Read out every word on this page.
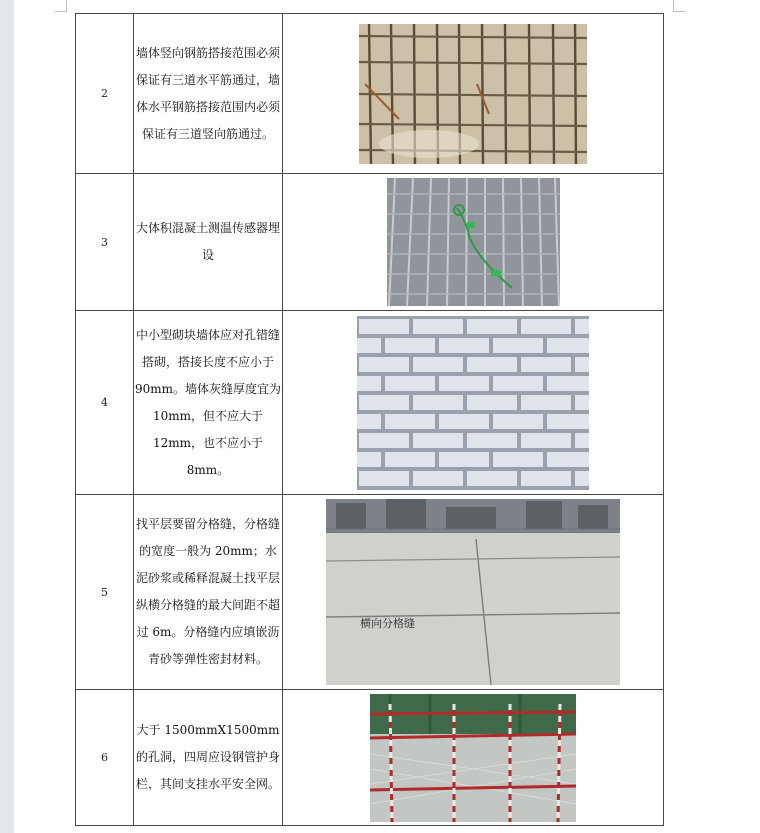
2	墙体竖向钢筋搭接范围必须保证有三道水平筋通过，墙体水平钢筋搭接范围内必须保证有三道竖向筋通过。	

3	大体积混凝土测温传感器埋设	

4	中小型砌块墙体应对孔错缝搭砌，搭接长度不应小于 90mm。墙体灰缝厚度宜为 10mm，但不应大于 12mm，也不应小于 8mm。	

5	找平层要留分格缝，分格缝的宽度一般为 20mm；水泥砂浆或稀释混凝土找平层纵横分格缝的最大间距不超过 6m。分格缝内应填嵌沥青砂等弹性密封材料。	横向分格缝

6	大于 1500mmX1500mm 的孔洞，四周应设钢管护身栏，其间支挂水平安全网。	
